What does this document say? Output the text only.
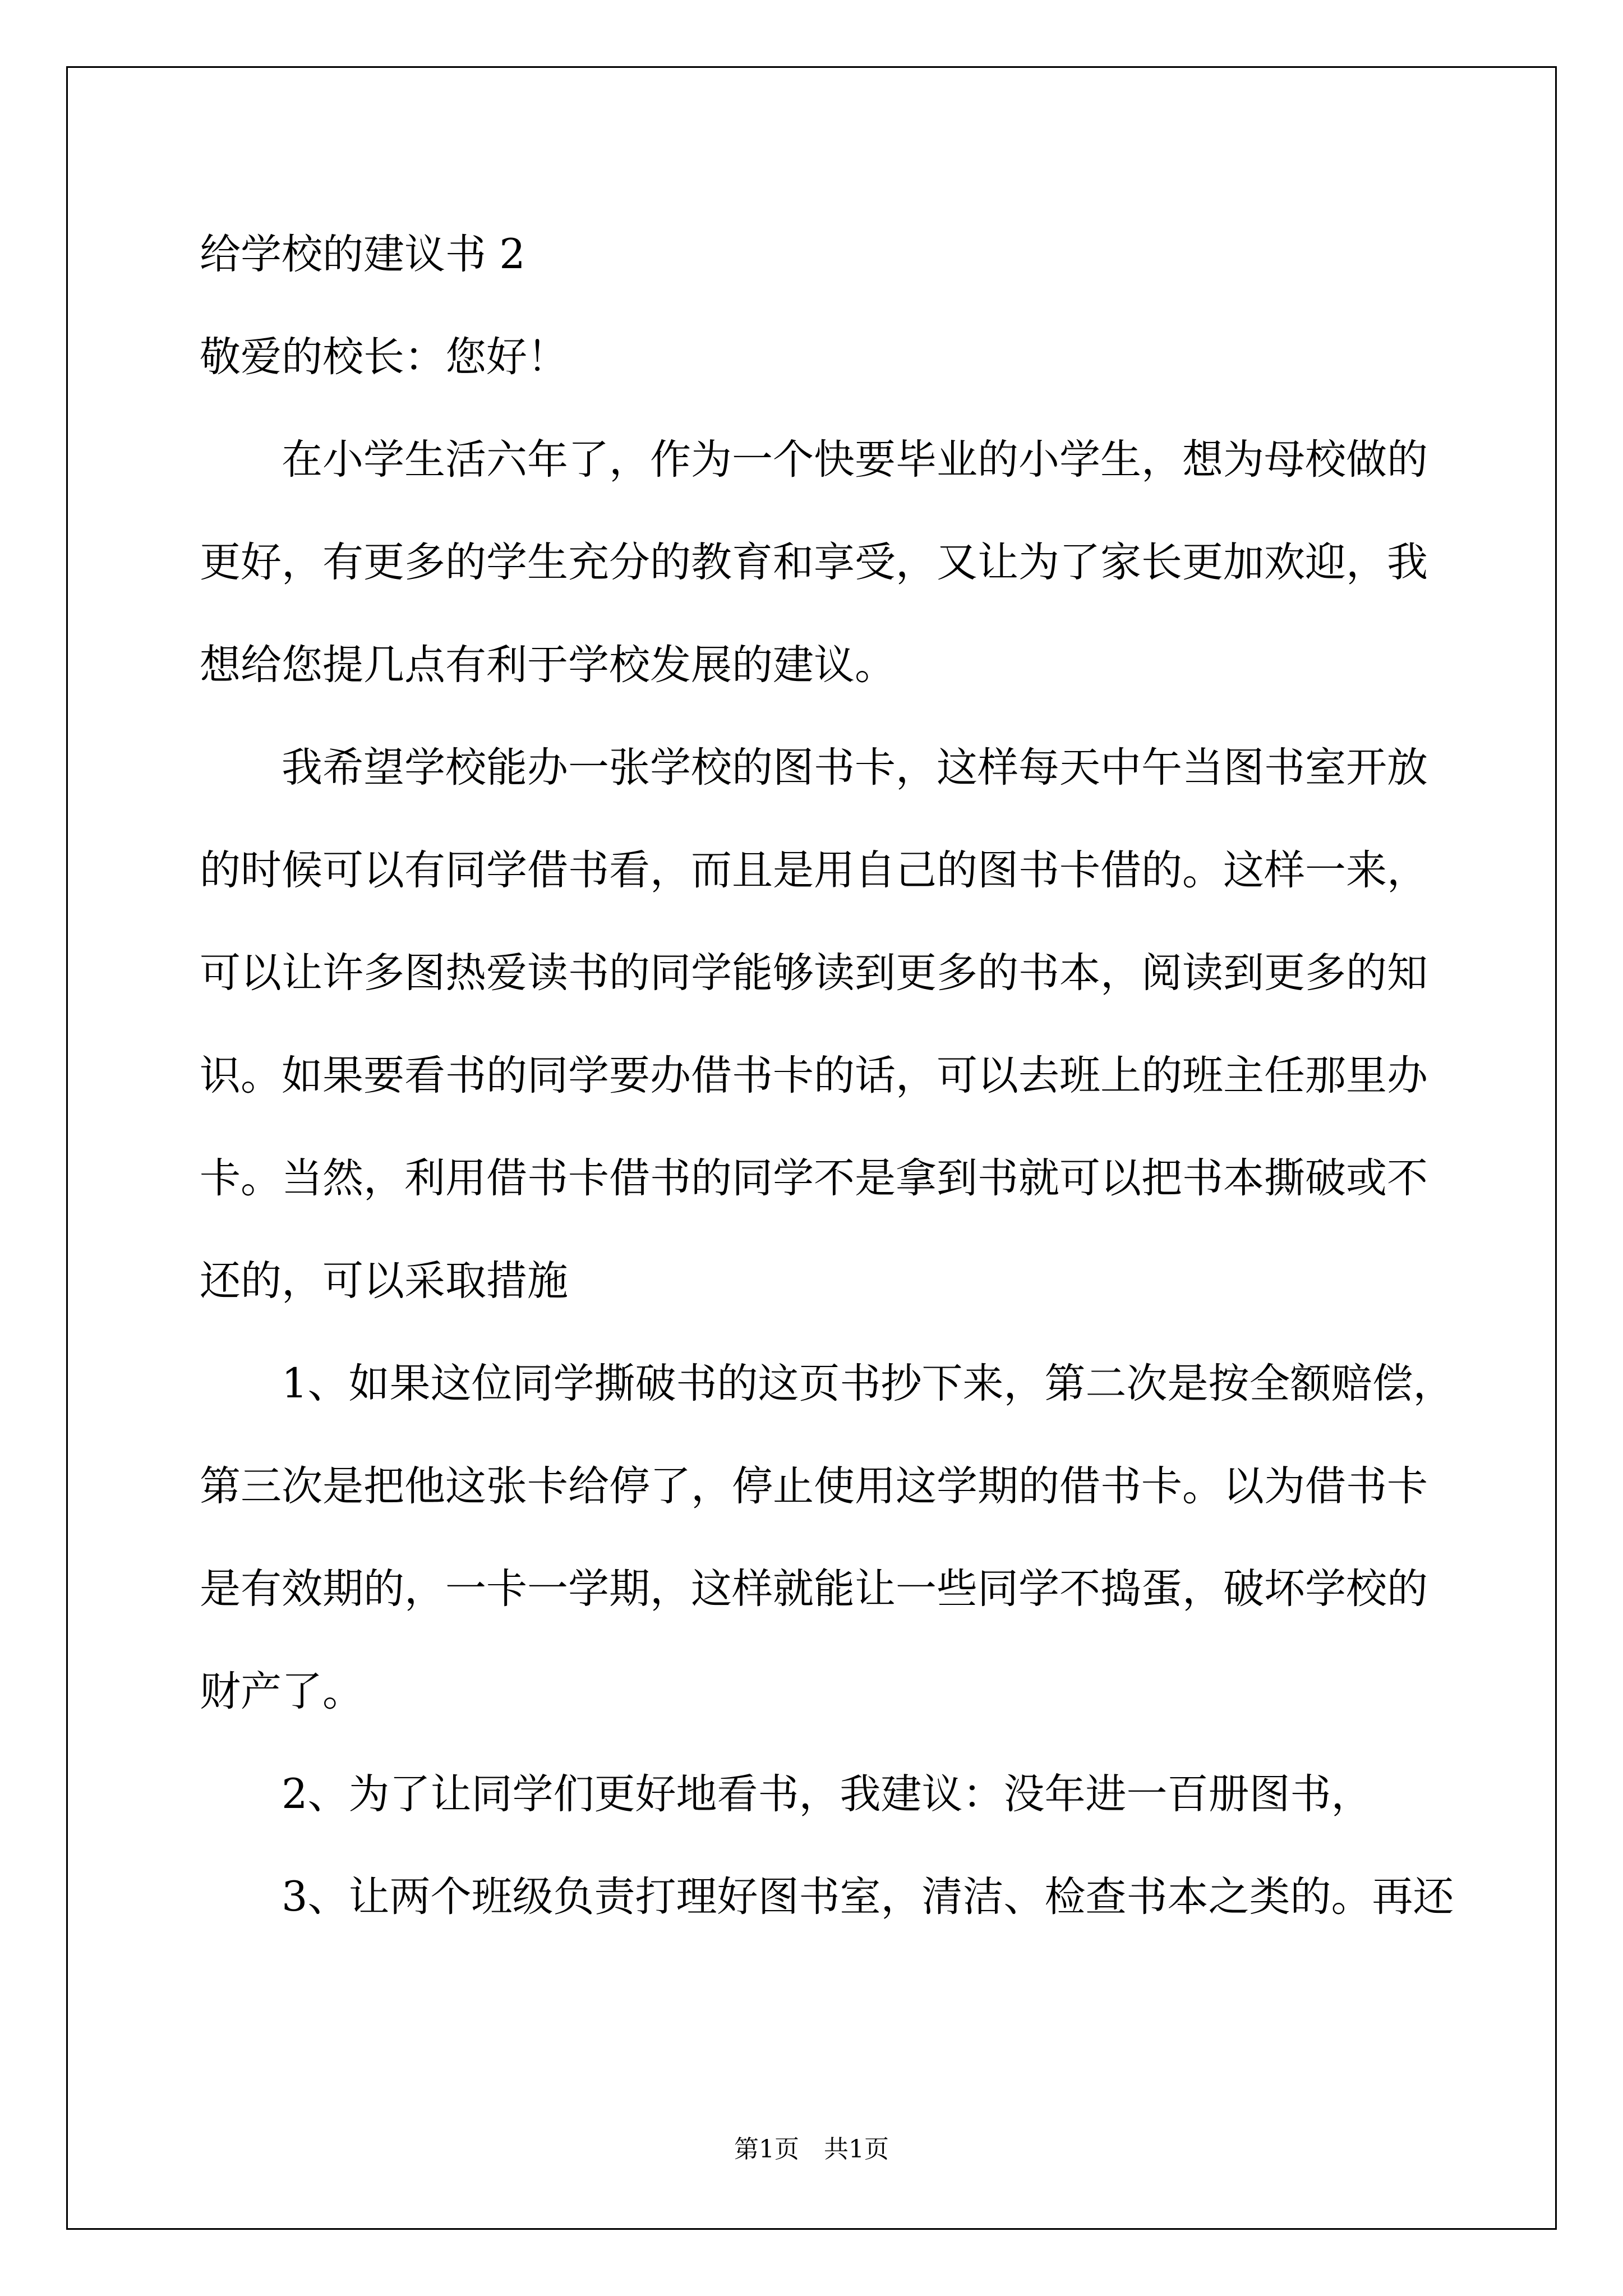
给学校的建议书 2
敬爱的校长：您好！
　　在小学生活六年了，作为一个快要毕业的小学生，想为母校做的
更好，有更多的学生充分的教育和享受，又让为了家长更加欢迎，我
想给您提几点有利于学校发展的建议。
　　我希望学校能办一张学校的图书卡，这样每天中午当图书室开放
的时候可以有同学借书看，而且是用自己的图书卡借的。这样一来，
可以让许多图热爱读书的同学能够读到更多的书本，阅读到更多的知
识。如果要看书的同学要办借书卡的话，可以去班上的班主任那里办
卡。当然，利用借书卡借书的同学不是拿到书就可以把书本撕破或不
还的，可以采取措施
　　1、如果这位同学撕破书的这页书抄下来，第二次是按全额赔偿，
第三次是把他这张卡给停了，停止使用这学期的借书卡。以为借书卡
是有效期的，一卡一学期，这样就能让一些同学不捣蛋，破坏学校的
财产了。
　　2、为了让同学们更好地看书，我建议：没年进一百册图书，
　　3、让两个班级负责打理好图书室，清洁、检查书本之类的。再还
第1页　共1页
